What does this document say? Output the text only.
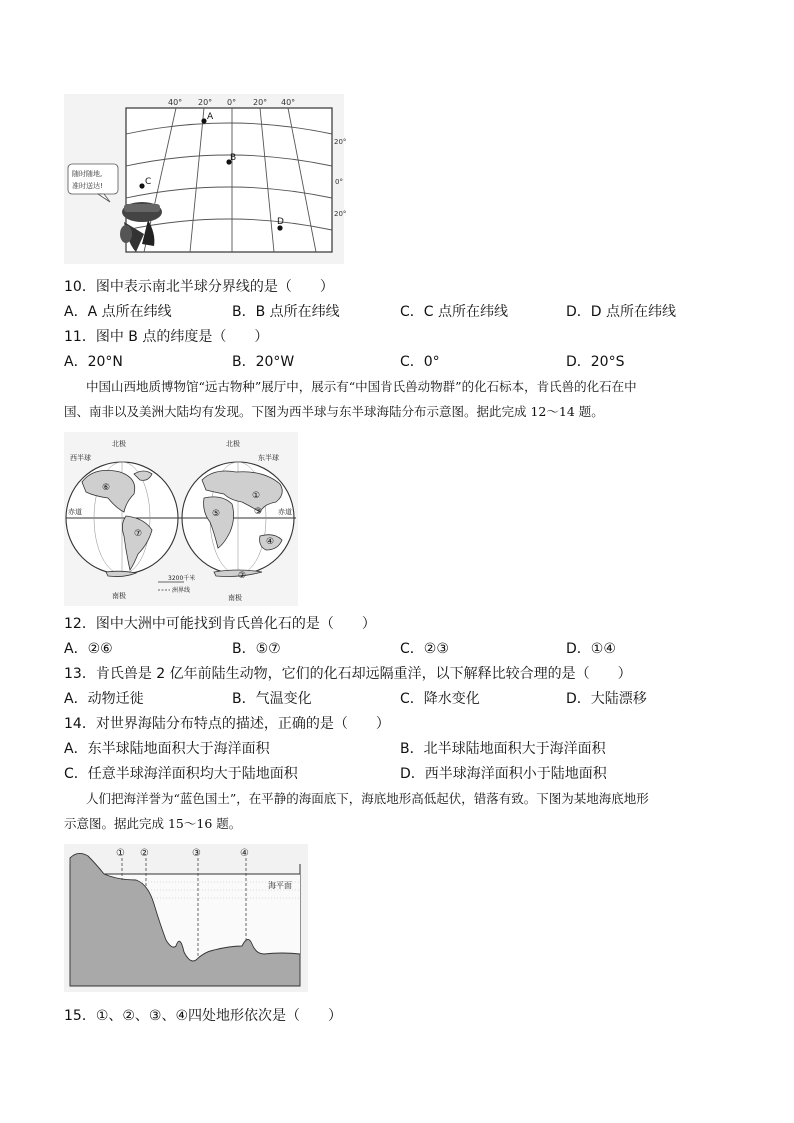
40° 20° 0° 20° 40°
20°
0°
20°
A
B
C
D
随时随地,
准时送达!
10．图中表示南北半球分界线的是（　　）
A．A 点所在纬线	B．B 点所在纬线	C．C 点所在纬线	D．D 点所在纬线
11．图中 B 点的纬度是（　　）
A．20°N	B．20°W	C．0°	D．20°S
中国山西地质博物馆“远古物种”展厅中，展示有“中国肯氏兽动物群”的化石标本，肯氏兽的化石在中
国、南非以及美洲大陆均有发现。下图为西半球与东半球海陆分布示意图。据此完成 12～14 题。
西半球
北极
南极
赤道
北极
东半球
南极
赤道
⑥
⑦
⑤
①
③
④
②
3200千米
洲界线
12．图中大洲中可能找到肯氏兽化石的是（　　）
A．②⑥	B．⑤⑦	C．②③	D．①④
13．肯氏兽是 2 亿年前陆生动物，它们的化石却远隔重洋，以下解释比较合理的是（　　）
A．动物迁徙	B．气温变化	C．降水变化	D．大陆漂移
14．对世界海陆分布特点的描述，正确的是（　　）
A．东半球陆地面积大于海洋面积	B．北半球陆地面积大于海洋面积
C．任意半球海洋面积均大于陆地面积	D．西半球海洋面积小于陆地面积
人们把海洋誉为“蓝色国土”，在平静的海面底下，海底地形高低起伏，错落有致。下图为某地海底地形
示意图。据此完成 15～16 题。
海平面
① ②	③	④
15．①、②、③、④四处地形依次是（　　）
